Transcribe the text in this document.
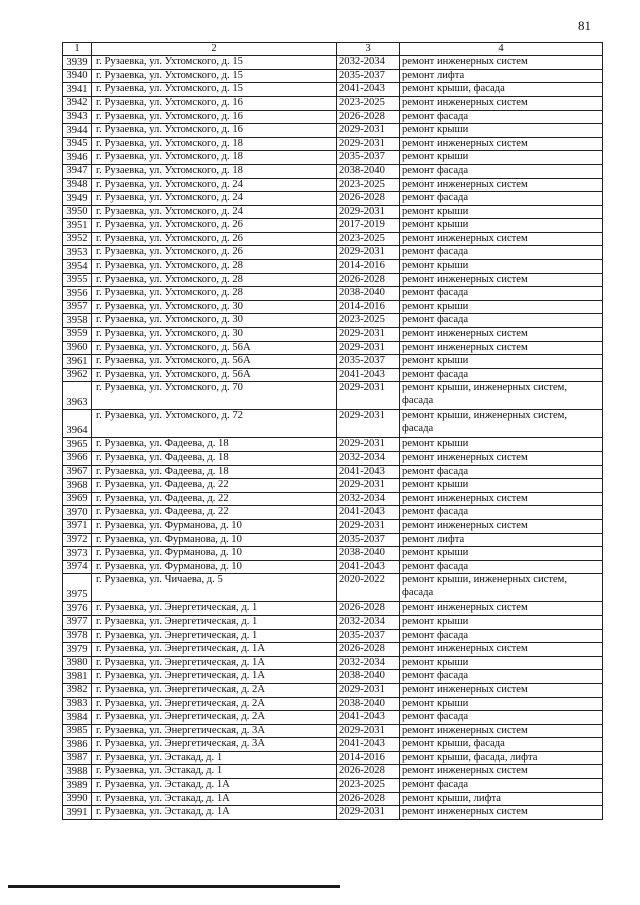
81
1	2	3	4
3939	г. Рузаевка, ул. Ухтомского, д. 15	2032-2034	ремонт инженерных систем
3940	г. Рузаевка, ул. Ухтомского, д. 15	2035-2037	ремонт лифта
3941	г. Рузаевка, ул. Ухтомского, д. 15	2041-2043	ремонт крыши, фасада
3942	г. Рузаевка, ул. Ухтомского, д. 16	2023-2025	ремонт инженерных систем
3943	г. Рузаевка, ул. Ухтомского, д. 16	2026-2028	ремонт фасада
3944	г. Рузаевка, ул. Ухтомского, д. 16	2029-2031	ремонт крыши
3945	г. Рузаевка, ул. Ухтомского, д. 18	2029-2031	ремонт инженерных систем
3946	г. Рузаевка, ул. Ухтомского, д. 18	2035-2037	ремонт крыши
3947	г. Рузаевка, ул. Ухтомского, д. 18	2038-2040	ремонт фасада
3948	г. Рузаевка, ул. Ухтомского, д. 24	2023-2025	ремонт инженерных систем
3949	г. Рузаевка, ул. Ухтомского, д. 24	2026-2028	ремонт фасада
3950	г. Рузаевка, ул. Ухтомского, д. 24	2029-2031	ремонт крыши
3951	г. Рузаевка, ул. Ухтомского, д. 26	2017-2019	ремонт крыши
3952	г. Рузаевка, ул. Ухтомского, д. 26	2023-2025	ремонт инженерных систем
3953	г. Рузаевка, ул. Ухтомского, д. 26	2029-2031	ремонт фасада
3954	г. Рузаевка, ул. Ухтомского, д. 28	2014-2016	ремонт крыши
3955	г. Рузаевка, ул. Ухтомского, д. 28	2026-2028	ремонт инженерных систем
3956	г. Рузаевка, ул. Ухтомского, д. 28	2038-2040	ремонт фасада
3957	г. Рузаевка, ул. Ухтомского, д. 30	2014-2016	ремонт крыши
3958	г. Рузаевка, ул. Ухтомского, д. 30	2023-2025	ремонт фасада
3959	г. Рузаевка, ул. Ухтомского, д. 30	2029-2031	ремонт инженерных систем
3960	г. Рузаевка, ул. Ухтомского, д. 56А	2029-2031	ремонт инженерных систем
3961	г. Рузаевка, ул. Ухтомского, д. 56А	2035-2037	ремонт крыши
3962	г. Рузаевка, ул. Ухтомского, д. 56А	2041-2043	ремонт фасада
3963	г. Рузаевка, ул. Ухтомского, д. 70	2029-2031	ремонт крыши, инженерных систем, фасада
3964	г. Рузаевка, ул. Ухтомского, д. 72	2029-2031	ремонт крыши, инженерных систем, фасада
3965	г. Рузаевка, ул. Фадеева, д. 18	2029-2031	ремонт крыши
3966	г. Рузаевка, ул. Фадеева, д. 18	2032-2034	ремонт инженерных систем
3967	г. Рузаевка, ул. Фадеева, д. 18	2041-2043	ремонт фасада
3968	г. Рузаевка, ул. Фадеева, д. 22	2029-2031	ремонт крыши
3969	г. Рузаевка, ул. Фадеева, д. 22	2032-2034	ремонт инженерных систем
3970	г. Рузаевка, ул. Фадеева, д. 22	2041-2043	ремонт фасада
3971	г. Рузаевка, ул. Фурманова, д. 10	2029-2031	ремонт инженерных систем
3972	г. Рузаевка, ул. Фурманова, д. 10	2035-2037	ремонт лифта
3973	г. Рузаевка, ул. Фурманова, д. 10	2038-2040	ремонт крыши
3974	г. Рузаевка, ул. Фурманова, д. 10	2041-2043	ремонт фасада
3975	г. Рузаевка, ул. Чичаева, д. 5	2020-2022	ремонт крыши, инженерных систем, фасада
3976	г. Рузаевка, ул. Энергетическая, д. 1	2026-2028	ремонт инженерных систем
3977	г. Рузаевка, ул. Энергетическая, д. 1	2032-2034	ремонт крыши
3978	г. Рузаевка, ул. Энергетическая, д. 1	2035-2037	ремонт фасада
3979	г. Рузаевка, ул. Энергетическая, д. 1А	2026-2028	ремонт инженерных систем
3980	г. Рузаевка, ул. Энергетическая, д. 1А	2032-2034	ремонт крыши
3981	г. Рузаевка, ул. Энергетическая, д. 1А	2038-2040	ремонт фасада
3982	г. Рузаевка, ул. Энергетическая, д. 2А	2029-2031	ремонт инженерных систем
3983	г. Рузаевка, ул. Энергетическая, д. 2А	2038-2040	ремонт крыши
3984	г. Рузаевка, ул. Энергетическая, д. 2А	2041-2043	ремонт фасада
3985	г. Рузаевка, ул. Энергетическая, д. 3А	2029-2031	ремонт инженерных систем
3986	г. Рузаевка, ул. Энергетическая, д. 3А	2041-2043	ремонт крыши, фасада
3987	г. Рузаевка, ул. Эстакад, д. 1	2014-2016	ремонт крыши, фасада, лифта
3988	г. Рузаевка, ул. Эстакад, д. 1	2026-2028	ремонт инженерных систем
3989	г. Рузаевка, ул. Эстакад, д. 1А	2023-2025	ремонт фасада
3990	г. Рузаевка, ул. Эстакад, д. 1А	2026-2028	ремонт крыши, лифта
3991	г. Рузаевка, ул. Эстакад, д. 1А	2029-2031	ремонт инженерных систем
